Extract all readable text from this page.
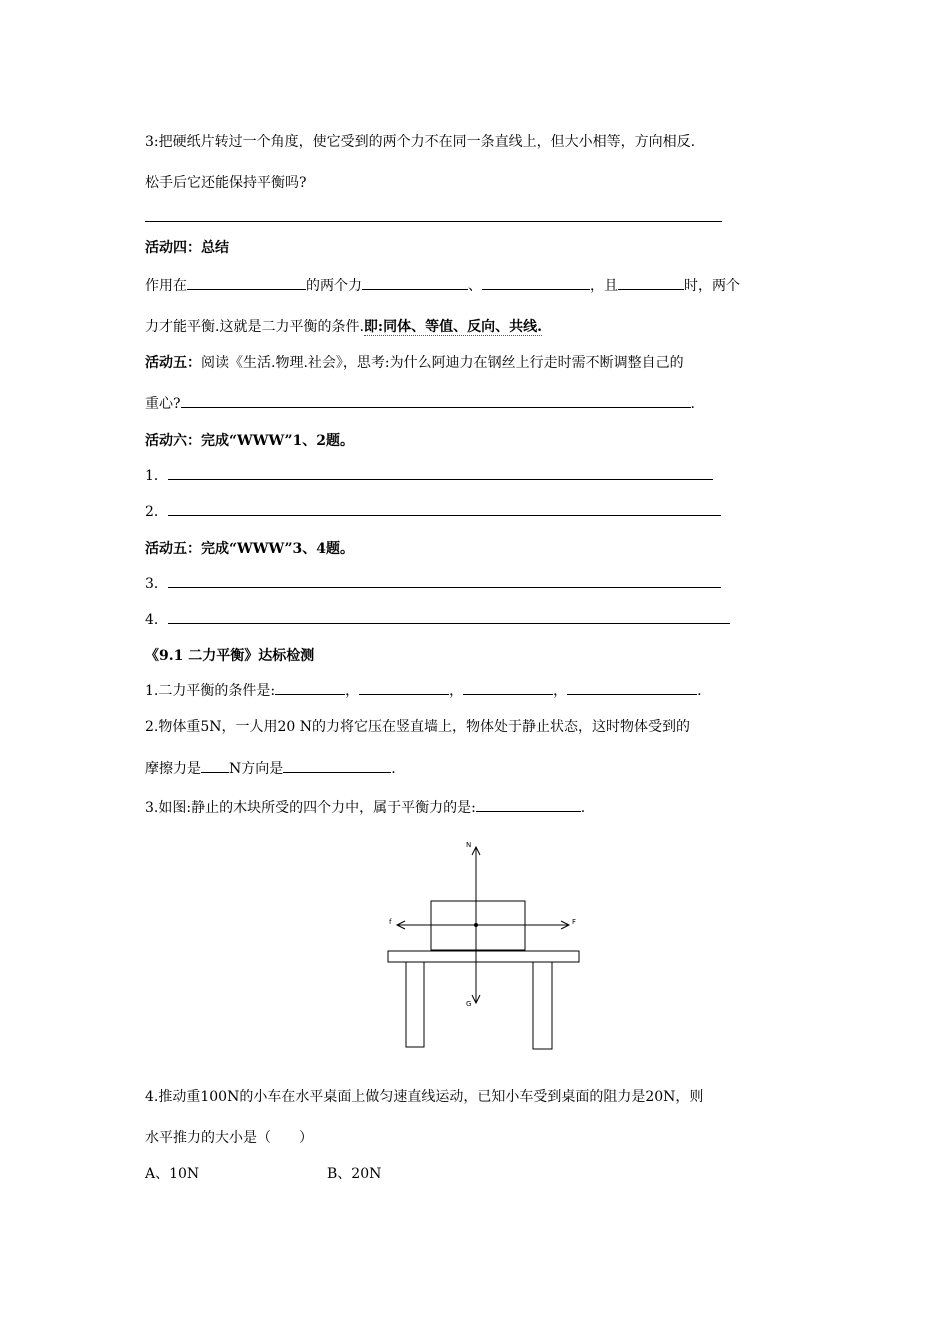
3:把硬纸片转过一个角度，使它受到的两个力不在同一条直线上，但大小相等，方向相反.
松手后它还能保持平衡吗?
活动四：总结
作用在	的两个力	、	，且	时，两个
力才能平衡.这就是二力平衡的条件.即:同体、等值、反向、共线.
活动五：阅读《生活.物理.社会》，思考:为什么阿迪力在钢丝上行走时需不断调整自己的
重心?	.
活动六：完成“WWW”1、2题。
1．
2．
活动五：完成“WWW”3、4题。
3．
4．
《9.1 二力平衡》达标检测
1.二力平衡的条件是:	，	，	，	.
2.物体重5N，一人用20 N的力将它压在竖直墙上，物体处于静止状态，这时物体受到的
摩擦力是 N方向是	.
3.如图:静止的木块所受的四个力中，属于平衡力的是:	.
N
f	F
G
4.推动重100N的小车在水平桌面上做匀速直线运动，已知小车受到桌面的阻力是20N，则
水平推力的大小是（　　）
A、10N	B、20N
